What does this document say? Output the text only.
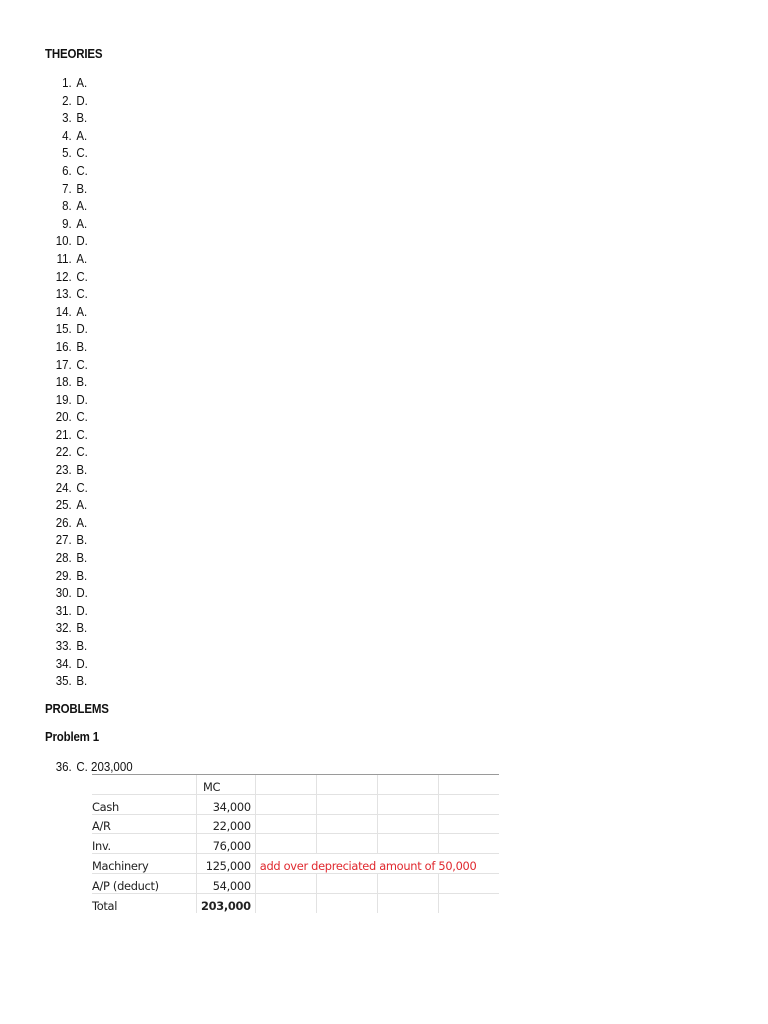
THEORIES
1. A.
2. D.
3. B.
4. A.
5. C.
6. C.
7. B.
8. A.
9. A.
10. D.
11. A.
12. C.
13. C.
14. A.
15. D.
16. B.
17. C.
18. B.
19. D.
20. C.
21. C.
22. C.
23. B.
24. C.
25. A.
26. A.
27. B.
28. B.
29. B.
30. D.
31. D.
32. B.
33. B.
34. D.
35. B.
PROBLEMS
Problem 1
36. C. 203,000
	MC				
Cash	34,000				
A/R	22,000				
Inv.	76,000				
Machinery	125,000	add over depreciated amount of 50,000			
A/P (deduct)	54,000				
Total	203,000				
